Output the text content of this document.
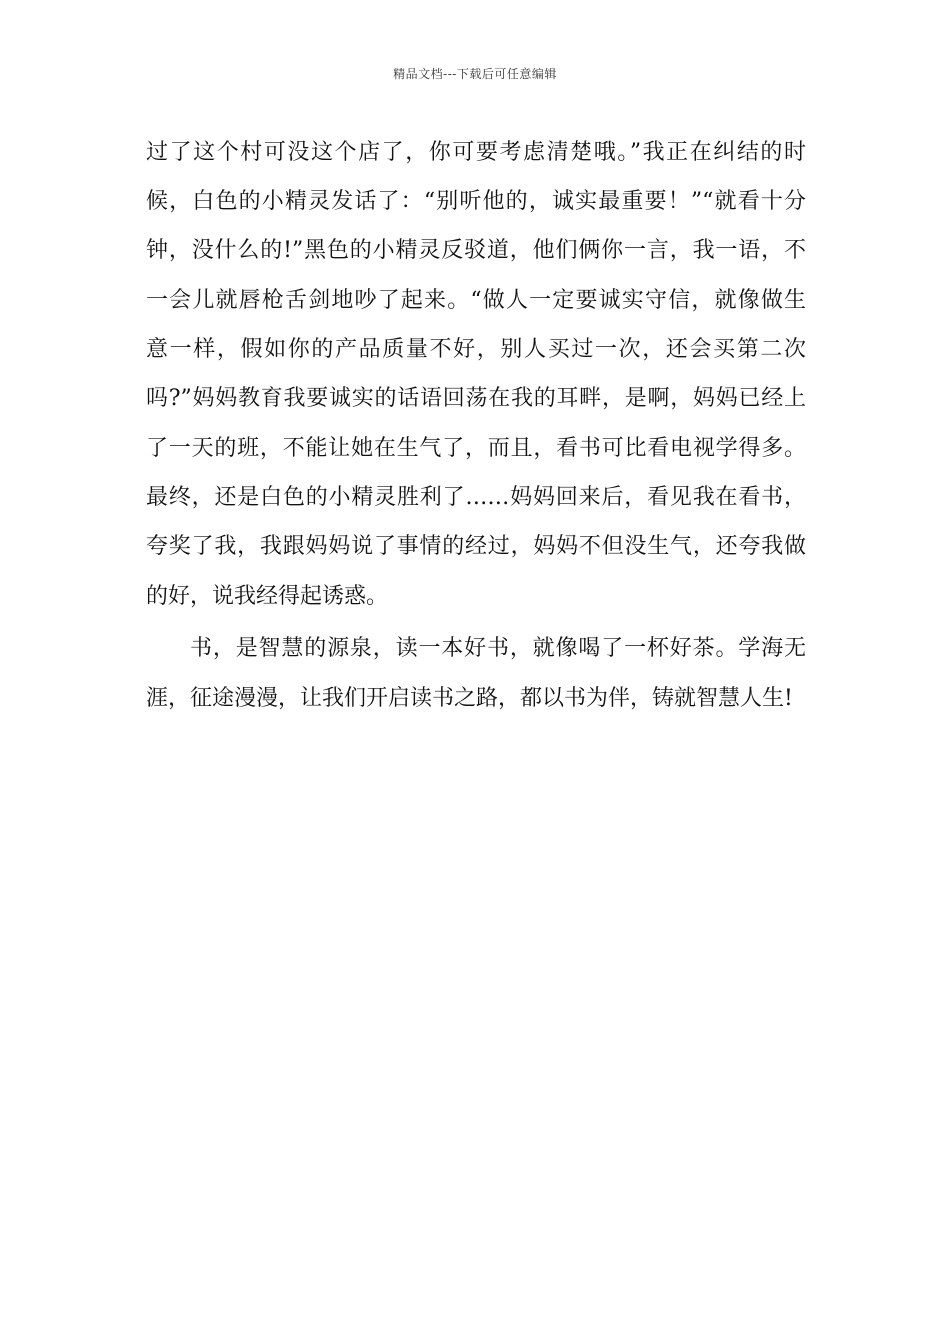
精品文档---下载后可任意编辑
过了这个村可没这个店了，你可要考虑清楚哦。”我正在纠结的时
候，白色的小精灵发话了：“别听他的，诚实最重要！”“就看十分
钟，没什么的!”黑色的小精灵反驳道，他们俩你一言，我一语，不
一会儿就唇枪舌剑地吵了起来。“做人一定要诚实守信，就像做生
意一样，假如你的产品质量不好，别人买过一次，还会买第二次
吗?”妈妈教育我要诚实的话语回荡在我的耳畔，是啊，妈妈已经上
了一天的班，不能让她在生气了，而且，看书可比看电视学得多。
最终，还是白色的小精灵胜利了……妈妈回来后，看见我在看书，
夸奖了我，我跟妈妈说了事情的经过，妈妈不但没生气，还夸我做
的好，说我经得起诱惑。
书，是智慧的源泉，读一本好书，就像喝了一杯好茶。学海无
涯，征途漫漫，让我们开启读书之路，都以书为伴，铸就智慧人生!
